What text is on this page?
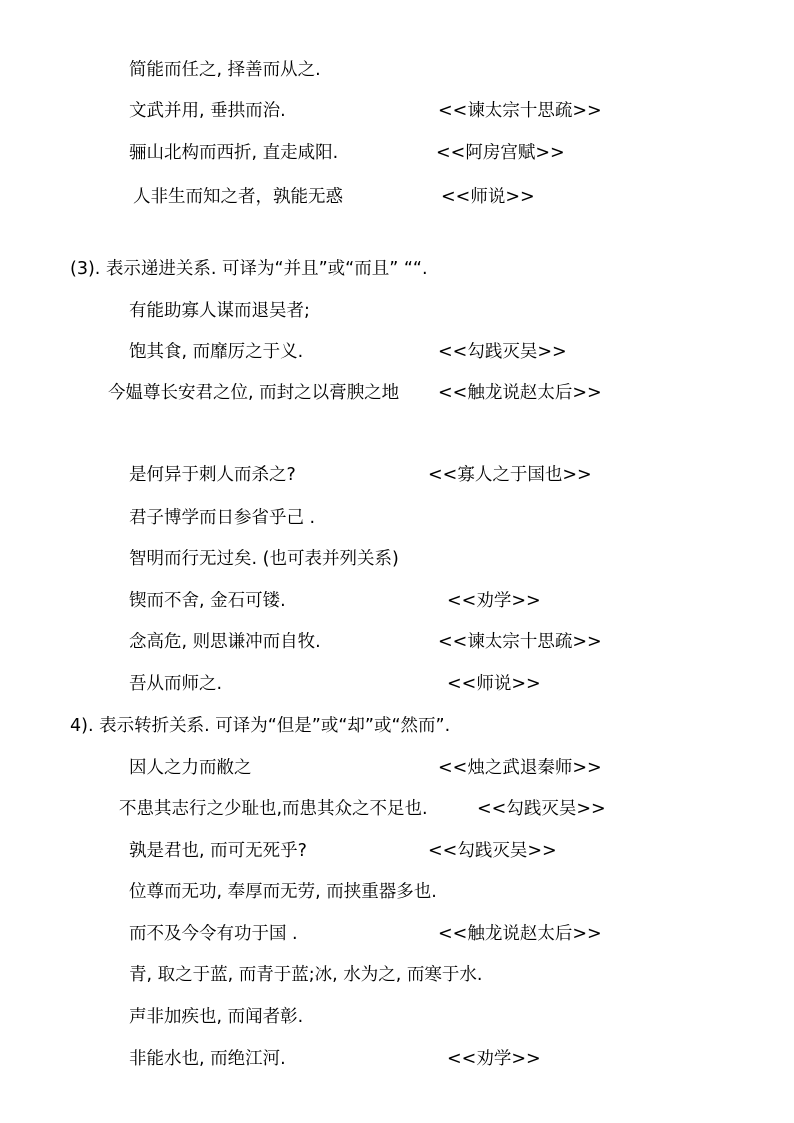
简能而任之, 择善而从之.
文武并用, 垂拱而治.	<<谏太宗十思疏>>
骊山北构而西折, 直走咸阳.	<<阿房宫赋>>
人非生而知之者，孰能无惑	<<师说>>
(3). 表示递进关系. 可译为“并且”或“而且” ““.
有能助寡人谋而退吴者;
饱其食, 而靡厉之于义.	<<勾践灭吴>>
今媪尊长安君之位, 而封之以膏腴之地 <<触龙说赵太后>>
是何异于刺人而杀之?	<<寡人之于国也>>
君子博学而日参省乎己 .
智明而行无过矣. (也可表并列关系)
锲而不舍, 金石可镂.	<<劝学>>
念高危, 则思谦冲而自牧.	<<谏太宗十思疏>>
吾从而师之.	<<师说>>
4). 表示转折关系. 可译为“但是”或“却”或“然而”.
因人之力而敝之	<<烛之武退秦师>>
不患其志行之少耻也,而患其众之不足也.	<<勾践灭吴>>
孰是君也, 而可无死乎?	<<勾践灭吴>>
位尊而无功, 奉厚而无劳, 而挟重器多也.
而不及今令有功于国 .	<<触龙说赵太后>>
青, 取之于蓝, 而青于蓝;冰, 水为之, 而寒于水.
声非加疾也, 而闻者彰.
非能水也, 而绝江河.	<<劝学>>
